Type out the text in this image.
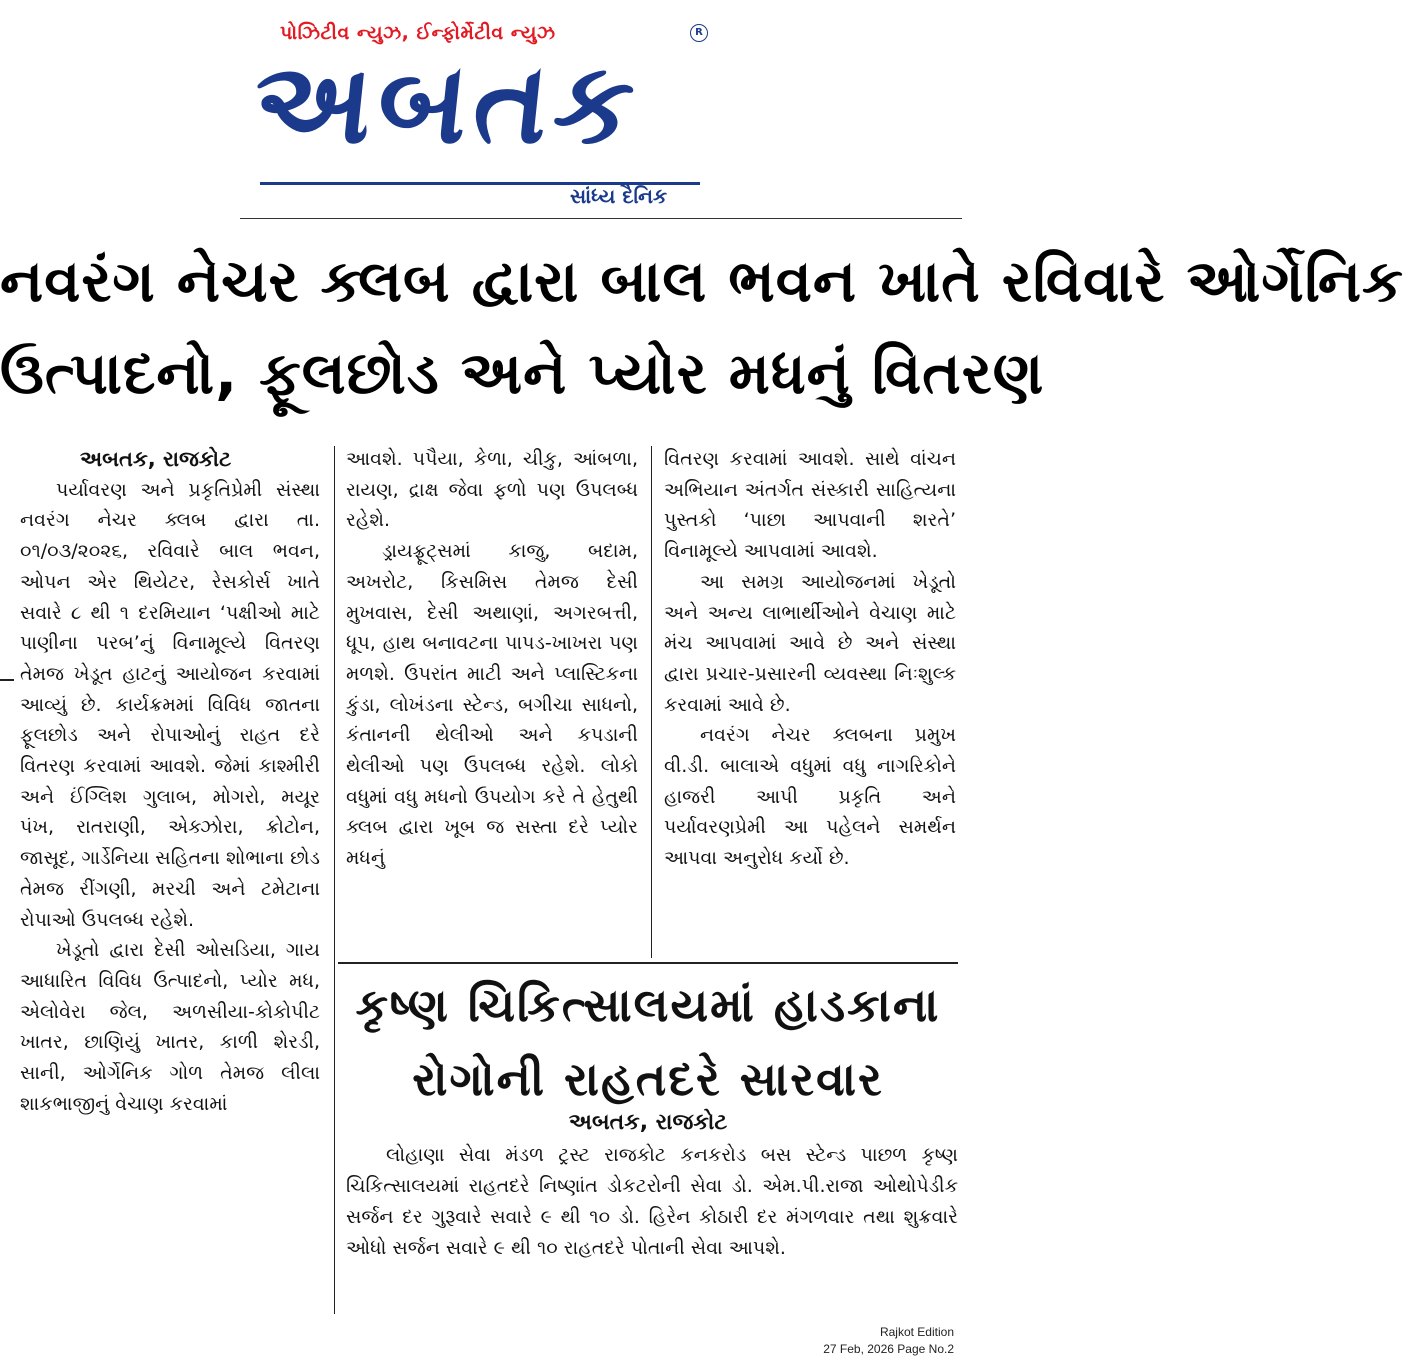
પોઝિટીવ ન્યુઝ, ઈન્ફોર્મેટીવ ન્યુઝ	R
અબતક
સાંધ્ય દૈનિક
નવરંગ નેચર ક્લબ દ્વારા બાલ ભવન ખાતે રવિવારે ઓર્ગેનિક
ઉત્પાદનો, ફૂલછોડ અને પ્યોર મધનું વિતરણ

અબતક, રાજકોટ

પર્યાવરણ અને પ્રકૃતિપ્રેમી સંસ્થા નવરંગ નેચર ક્લબ દ્વારા તા. ૦૧/૦૩/૨૦૨૬, રવિવારે બાલ ભવન, ઓપન એર થિયેટર, રેસકોર્સ ખાતે સવારે ૮ થી ૧ દરમિયાન ‘પક્ષીઓ માટે પાણીના પરબ’નું વિનામૂલ્યે વિતરણ તેમજ ખેડૂત હાટનું આયોજન કરવામાં આવ્યું છે. કાર્યક્રમમાં વિવિધ જાતના ફૂલછોડ અને રોપાઓનું રાહત દરે વિતરણ કરવામાં આવશે. જેમાં કાશ્મીરી અને ઈંગ્લિશ ગુલાબ, મોગરો, મયૂર પંખ, રાતરાણી, એક્ઝોરા, ક્રોટોન, જાસૂદ, ગાર્ડેનિયા સહિતના શોભાના છોડ તેમજ રીંગણી, મરચી અને ટમેટાના રોપાઓ ઉપલબ્ધ રહેશે.

ખેડૂતો દ્વારા દેસી ઓસડિયા, ગાય આધારિત વિવિધ ઉત્પાદનો, પ્યોર મધ, એલોવેરા જેલ, અળસીયા-કોકોપીટ ખાતર, છાણિયું ખાતર, કાળી શેરડી, સાની, ઓર્ગેનિક ગોળ તેમજ લીલા શાકભાજીનું વેચાણ કરવામાં

આવશે. પપૈયા, કેળા, ચીકુ, આંબળા, રાયણ, દ્રાક્ષ જેવા ફળો પણ ઉપલબ્ધ રહેશે.

ડ્રાયફ્રૂટ્સમાં કાજુ, બદામ, અખરોટ, કિસમિસ તેમજ દેસી મુખવાસ, દેસી અથાણાં, અગરબત્તી, ધૂપ, હાથ બનાવટના પાપડ-ખાખરા પણ મળશે. ઉપરાંત માટી અને પ્લાસ્ટિકના કુંડા, લોખંડના સ્ટેન્ડ, બગીચા સાધનો, કંતાનની થેલીઓ અને કપડાની થેલીઓ પણ ઉપલબ્ધ રહેશે. લોકો વધુમાં વધુ મધનો ઉપયોગ કરે તે હેતુથી ક્લબ દ્વારા ખૂબ જ સસ્તા દરે પ્યોર મધનું

વિતરણ કરવામાં આવશે. સાથે વાંચન અભિયાન અંતર્ગત સંસ્કારી સાહિત્યના પુસ્તકો ‘પાછા આપવાની શરતે’ વિનામૂલ્યે આપવામાં આવશે.

આ સમગ્ર આયોજનમાં ખેડૂતો અને અન્ય લાભાર્થીઓને વેચાણ માટે મંચ આપવામાં આવે છે અને સંસ્થા દ્વારા પ્રચાર-પ્રસારની વ્યવસ્થા નિઃશુલ્ક કરવામાં આવે છે.

નવરંગ નેચર ક્લબના પ્રમુખ વી.ડી. બાલાએ વધુમાં વધુ નાગરિકોને હાજરી આપી પ્રકૃતિ અને પર્યાવરણપ્રેમી આ પહેલને સમર્થન આપવા અનુરોધ કર્યો છે.

કૃષ્ણ ચિકિત્સાલયમાં હાડકાના
રોગોની રાહતદરે સારવાર
અબતક, રાજકોટ

લોહાણા સેવા મંડળ ટ્રસ્ટ રાજકોટ કનકરોડ બસ સ્ટેન્ડ પાછળ કૃષ્ણ ચિકિત્સાલયમાં રાહતદરે નિષ્ણાંત ડોકટરોની સેવા ડો. એમ.પી.રાજા ઓથોપેડીક સર્જન દર ગુરૂવારે સવારે ૯ થી ૧૦ ડો. હિરેન કોઠારી દર મંગળવાર તથા શુક્રવારે ઓધો સર્જન સવારે ૯ થી ૧૦ રાહતદરે પોતાની સેવા આપશે.

Rajkot Edition
27 Feb, 2026 Page No.2
